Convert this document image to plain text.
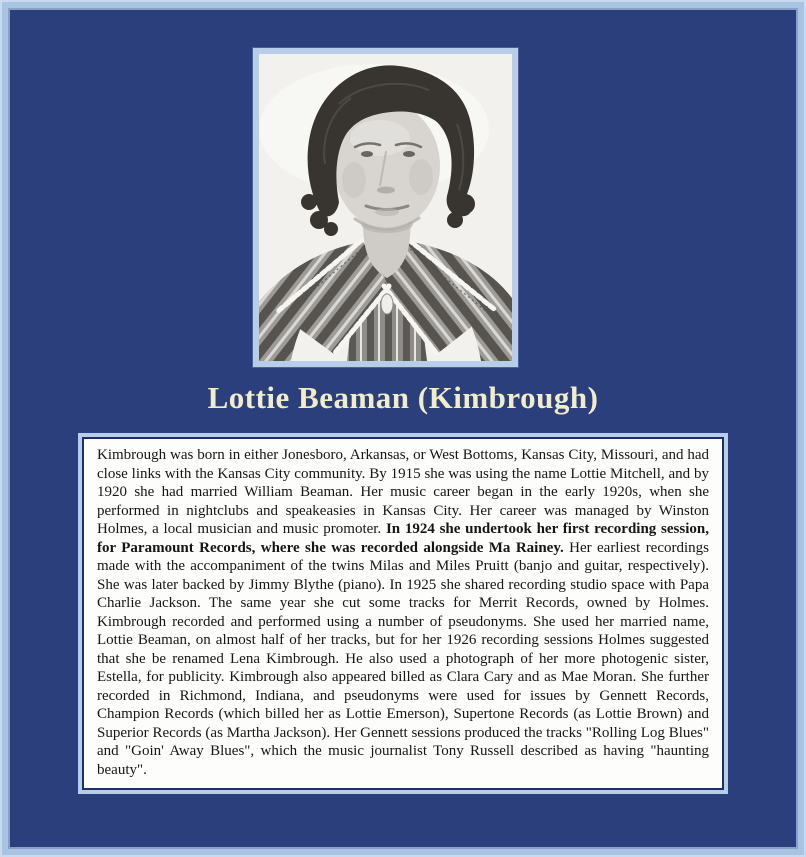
Lottie Beaman (Kimbrough)

Kimbrough was born in either Jonesboro, Arkansas, or West Bottoms, Kansas City, Missouri, and had close links with the Kansas City community. By 1915 she was using the name Lottie Mitchell, and by 1920 she had married William Beaman. Her music career began in the early 1920s, when she performed in nightclubs and speakeasies in Kansas City. Her career was managed by Winston Holmes, a local musician and music promoter. In 1924 she undertook her first recording session, for Paramount Records, where she was recorded alongside Ma Rainey. Her earliest recordings made with the accompaniment of the twins Milas and Miles Pruitt (banjo and guitar, respectively). She was later backed by Jimmy Blythe (piano). In 1925 she shared recording studio space with Papa Charlie Jackson. The same year she cut some tracks for Merrit Records, owned by Holmes. Kimbrough recorded and performed using a number of pseudonyms. She used her married name, Lottie Beaman, on almost half of her tracks, but for her 1926 recording sessions Holmes suggested that she be renamed Lena Kimbrough. He also used a photograph of her more photogenic sister, Estella, for publicity. Kimbrough also appeared billed as Clara Cary and as Mae Moran. She further recorded in Richmond, Indiana, and pseudonyms were used for issues by Gennett Records, Champion Records (which billed her as Lottie Emerson), Supertone Records (as Lottie Brown) and Superior Records (as Martha Jackson). Her Gennett sessions produced the tracks "Rolling Log Blues" and "Goin' Away Blues", which the music journalist Tony Russell described as having "haunting beauty".
